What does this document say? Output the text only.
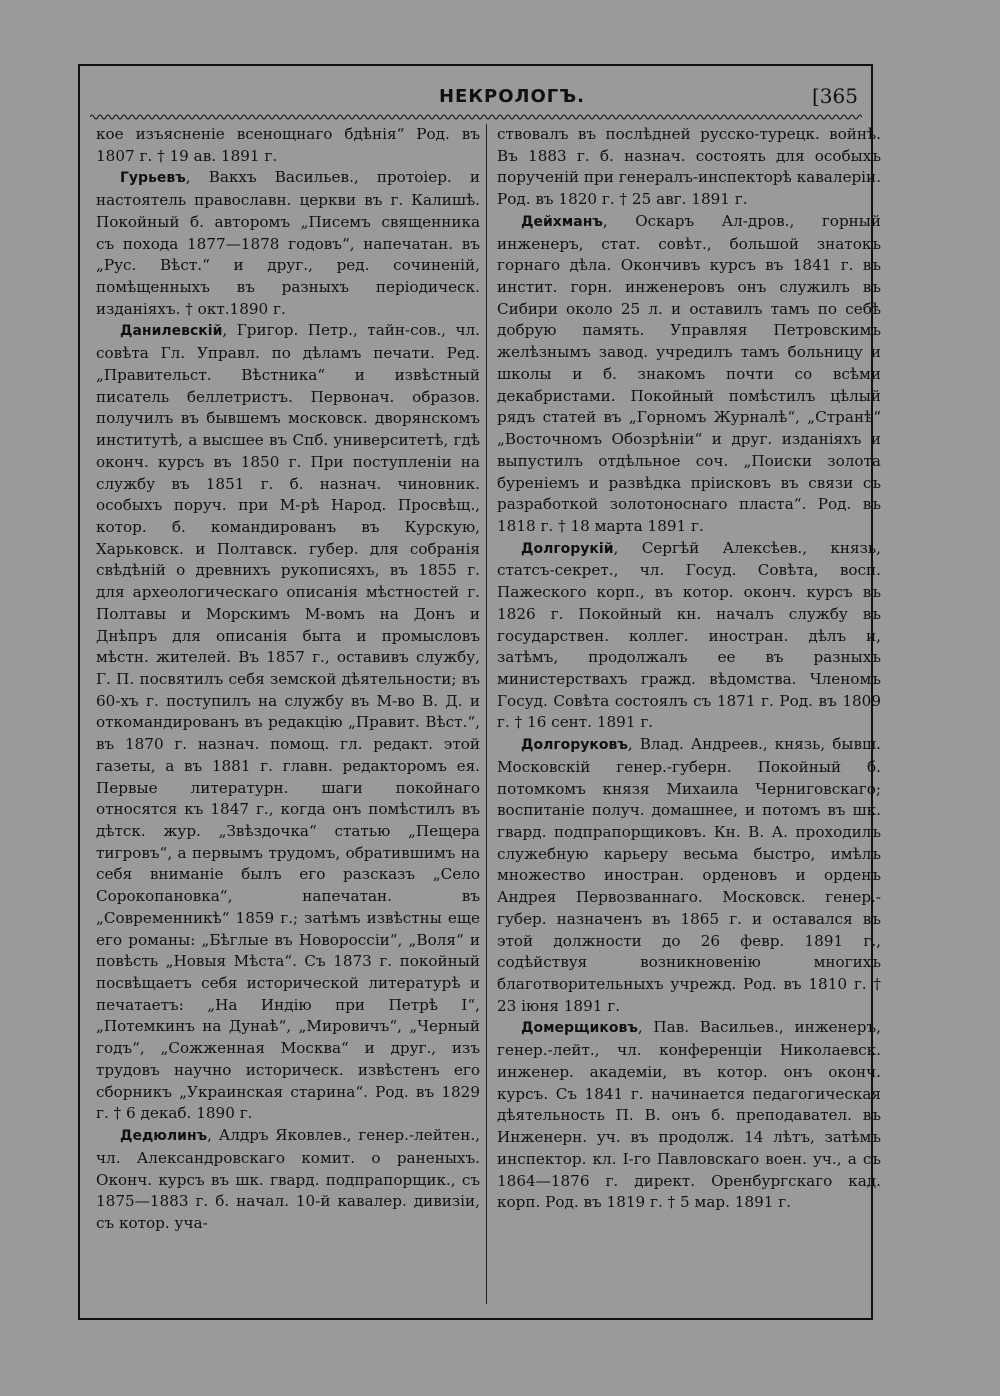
НЕКРОЛОГЪ.	[365

кое изъясненіе всенощнаго бдѣнія“ Род. въ 1807 г. † 19 ав. 1891 г.

Гурьевъ, Вакхъ Васильев., протоіер. и настоятель православн. церкви въ г. Калишѣ. Покойный б. авторомъ „Писемъ священника съ похода 1877—1878 годовъ“, напечатан. въ „Рус. Вѣст.“ и друг., ред. сочиненій, помѣщенныхъ въ разныхъ періодическ. изданіяхъ. † окт.1890 г.

Данилевскій, Григор. Петр., тайн-сов., чл. совѣта Гл. Управл. по дѣламъ печати. Ред. „Правительст. Вѣстника“ и извѣстный писатель беллетристъ. Первонач. образов. получилъ въ бывшемъ московск. дворянскомъ институтѣ, а высшее въ Спб. университетѣ, гдѣ оконч. курсъ въ 1850 г. При поступленіи на службу въ 1851 г. б. назнач. чиновник. особыхъ поруч. при М-рѣ Народ. Просвѣщ., котор. б. командированъ въ Курскую, Харьковск. и Полтавск. губер. для собранія свѣдѣній о древнихъ рукописяхъ, въ 1855 г. для археологическаго описанія мѣстностей г. Полтавы и Морскимъ М-вомъ на Донъ и Днѣпръ для описанія быта и промысловъ мѣстн. жителей. Въ 1857 г., оставивъ службу, Г. П. посвятилъ себя земской дѣятельности; въ 60-хъ г. поступилъ на службу въ М-во В. Д. и откомандированъ въ редакцію „Правит. Вѣст.“, въ 1870 г. назнач. помощ. гл. редакт. этой газеты, а въ 1881 г. главн. редакторомъ ея. Первые литературн. шаги покойнаго относятся къ 1847 г., когда онъ помѣстилъ въ дѣтск. жур. „Звѣздочка“ статью „Пещера тигровъ“, а первымъ трудомъ, обратившимъ на себя вниманіе былъ его разсказъ „Село Сорокопановка“, напечатан. въ „Современникѣ“ 1859 г.; затѣмъ извѣстны еще его романы: „Бѣглые въ Новороссіи“, „Воля“ и повѣсть „Новыя Мѣста“. Съ 1873 г. покойный посвѣщаетъ себя исторической литературѣ и печатаетъ: „На Индію при Петрѣ I“, „Потемкинъ на Дунаѣ“, „Мировичъ“, „Черный годъ“, „Сожженная Москва“ и друг., изъ трудовъ научно историческ. извѣстенъ его сборникъ „Украинская старина“. Род. въ 1829 г. † 6 декаб. 1890 г.

Дедюлинъ, Алдръ Яковлев., генер.-лейтен., чл. Александровскаго комит. о раненыхъ. Оконч. курсъ въ шк. гвард. подпрапорщик., съ 1875—1883 г. б. начал. 10-й кавалер. дивизіи, съ котор. уча-

ствовалъ въ послѣдней русско-турецк. войнѣ. Въ 1883 г. б. назнач. состоять для особыхъ порученій при генералъ-инспекторѣ кавалеріи. Род. въ 1820 г. † 25 авг. 1891 г.

Дейхманъ, Оскаръ Ал-дров., горный инженеръ, стат. совѣт., большой знатокъ горнаго дѣла. Окончивъ курсъ въ 1841 г. въ инстит. горн. инженеровъ онъ служилъ въ Сибири около 25 л. и оставилъ тамъ по себѣ добрую память. Управляя Петровскимъ желѣзнымъ завод. учредилъ тамъ больницу и школы и б. знакомъ почти со всѣми декабристами. Покойный помѣстилъ цѣлый рядъ статей въ „Горномъ Журналѣ“, „Странѣ“ „Восточномъ Обозрѣніи“ и друг. изданіяхъ и выпустилъ отдѣльное соч. „Поиски золота буреніемъ и развѣдка пріисковъ въ связи съ разработкой золотоноснаго пласта“. Род. въ 1818 г. † 18 марта 1891 г.

Долгорукій, Сергѣй Алексѣев., князь, статсъ-секрет., чл. Госуд. Совѣта, восп. Пажеского корп., въ котор. оконч. курсъ въ 1826 г. Покойный кн. началъ службу въ государствен. коллег. иностран. дѣлъ и, затѣмъ, продолжалъ ее въ разныхъ министерствахъ гражд. вѣдомства. Членомъ Госуд. Совѣта состоялъ съ 1871 г. Род. въ 1809 г. † 16 сент. 1891 г.

Долгоруковъ, Влад. Андреев., князь, бывш. Московскій генер.-губерн. Покойный б. потомкомъ князя Михаила Черниговскаго; воспитаніе получ. домашнее, и потомъ въ шк. гвард. подпрапорщиковъ. Кн. В. А. проходилъ служебную карьеру весьма быстро, имѣлъ множество иностран. орденовъ и орденъ Андрея Первозваннаго. Московск. генер.-губер. назначенъ въ 1865 г. и оставался въ этой должности до 26 февр. 1891 г., содѣйствуя возникновенію многихъ благотворительныхъ учрежд. Род. въ 1810 г. † 23 іюня 1891 г.

Домерщиковъ, Пав. Васильев., инженеръ, генер.-лейт., чл. конференціи Николаевск. инженер. академіи, въ котор. онъ оконч. курсъ. Съ 1841 г. начинается педагогическая дѣятельность П. В. онъ б. преподавател. въ Инженерн. уч. въ продолж. 14 лѣтъ, затѣмъ инспектор. кл. I-го Павловскаго воен. уч., а съ 1864—1876 г. директ. Оренбургскаго кад. корп. Род. въ 1819 г. † 5 мар. 1891 г.
